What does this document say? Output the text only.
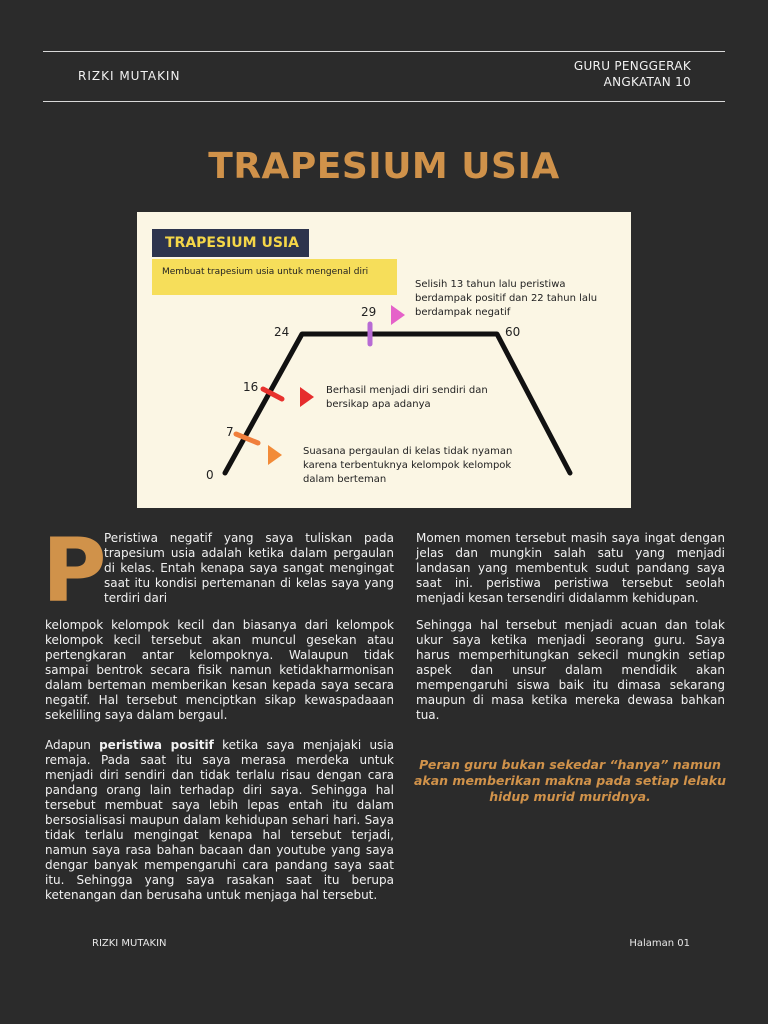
RIZKI MUTAKIN
GURU PENGGERAK
ANGKATAN 10
TRAPESIUM USIA
TRAPESIUM USIA
Membuat trapesium usia untuk mengenal diri
0
7
16
24
29
60
Selisih 13 tahun lalu peristiwa berdampak positif dan 22 tahun lalu berdampak negatif
Berhasil menjadi diri sendiri dan bersikap apa adanya
Suasana pergaulan di kelas tidak nyaman karena terbentuknya kelompok kelompok dalam berteman
P

Peristiwa negatif yang saya tuliskan pada trapesium usia adalah ketika dalam pergaulan di kelas. Entah kenapa saya sangat mengingat saat itu kondisi pertemanan di kelas saya yang terdiri dari

kelompok kelompok kecil dan biasanya dari kelompok kelompok kecil tersebut akan muncul gesekan atau pertengkaran antar kelompoknya. Walaupun tidak sampai bentrok secara fisik namun ketidakharmonisan dalam berteman memberikan kesan kepada saya secara negatif. Hal tersebut menciptkan sikap kewaspadaaan sekeliling saya dalam bergaul.

Adapun peristiwa positif ketika saya menjajaki usia remaja. Pada saat itu saya merasa merdeka untuk menjadi diri sendiri dan tidak terlalu risau dengan cara pandang orang lain terhadap diri saya. Sehingga hal tersebut membuat saya lebih lepas entah itu dalam bersosialisasi maupun dalam kehidupan sehari hari. Saya tidak terlalu mengingat kenapa hal tersebut terjadi, namun saya rasa bahan bacaan dan youtube yang saya dengar banyak mempengaruhi cara pandang saya saat itu. Sehingga yang saya rasakan saat itu berupa ketenangan dan berusaha untuk menjaga hal tersebut.

Momen momen tersebut masih saya ingat dengan jelas dan mungkin salah satu yang menjadi landasan yang membentuk sudut pandang saya saat ini. peristiwa peristiwa tersebut seolah menjadi kesan tersendiri didalamm kehidupan.

Sehingga hal tersebut menjadi acuan dan tolak ukur saya ketika menjadi seorang guru. Saya harus memperhitungkan sekecil mungkin setiap aspek dan unsur dalam mendidik akan mempengaruhi siswa baik itu dimasa sekarang maupun di masa ketika mereka dewasa bahkan tua.

Peran guru bukan sekedar “hanya” namun akan memberikan makna pada setiap lelaku hidup murid muridnya.
RIZKI MUTAKIN	Halaman 01
